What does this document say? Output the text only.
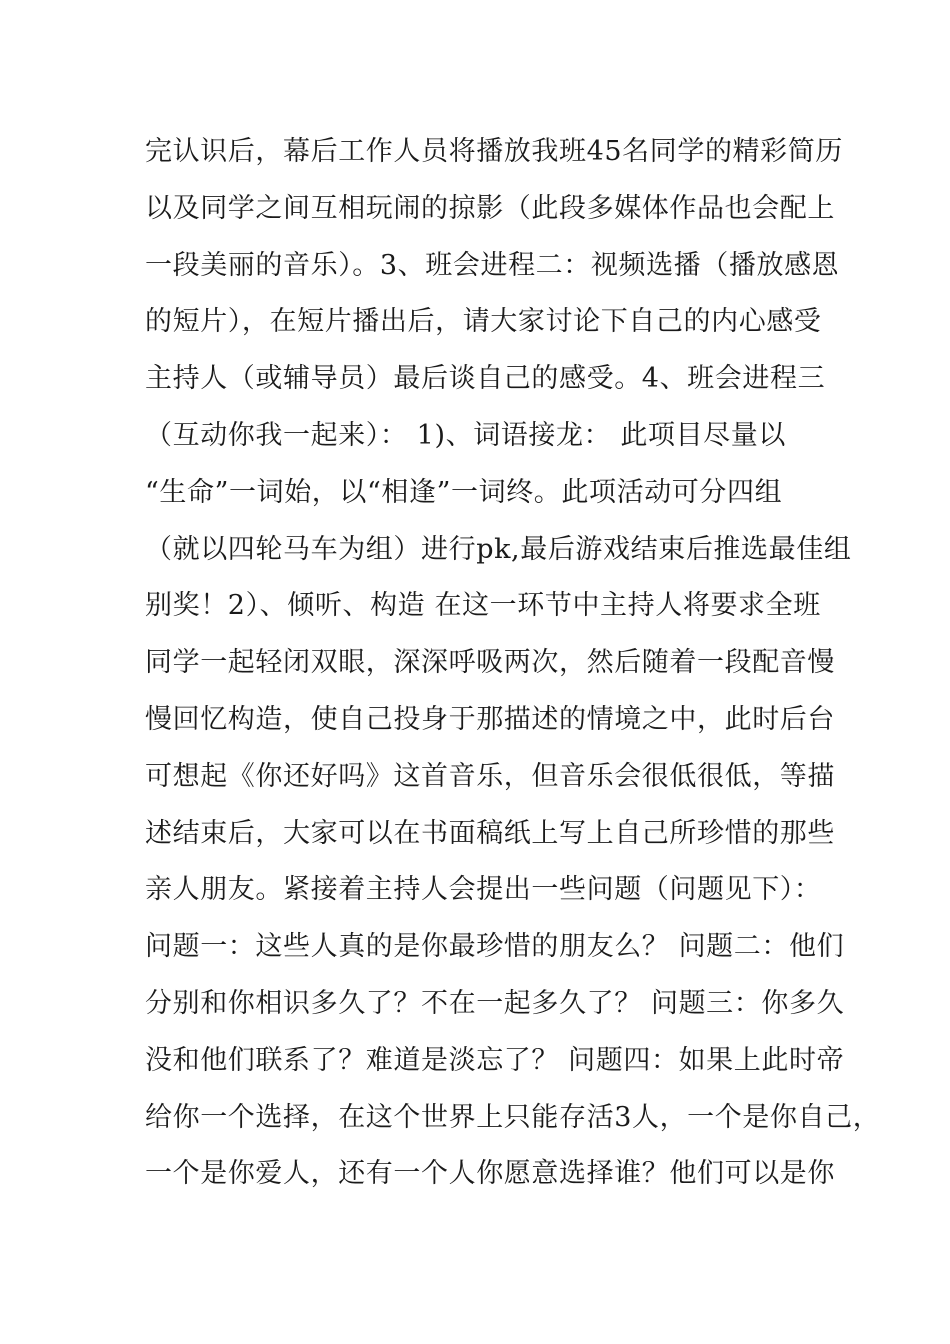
完认识后，幕后工作人员将播放我班45名同学的精彩简历
以及同学之间互相玩闹的掠影（此段多媒体作品也会配上
一段美丽的音乐）。3、班会进程二：视频选播（播放感恩
的短片），在短片播出后，请大家讨论下自己的内心感受
主持人（或辅导员）最后谈自己的感受。4、班会进程三
（互动你我一起来）： 1)、词语接龙： 此项目尽量以
“生命”一词始，以“相逢”一词终。此项活动可分四组
（就以四轮马车为组）进行pk,最后游戏结束后推选最佳组
别奖！2）、倾听、构造 在这一环节中主持人将要求全班
同学一起轻闭双眼，深深呼吸两次，然后随着一段配音慢
慢回忆构造，使自己投身于那描述的情境之中，此时后台
可想起《你还好吗》这首音乐，但音乐会很低很低，等描
述结束后，大家可以在书面稿纸上写上自己所珍惜的那些
亲人朋友。紧接着主持人会提出一些问题（问题见下）：
问题一：这些人真的是你最珍惜的朋友么？ 问题二：他们
分别和你相识多久了？不在一起多久了？ 问题三：你多久
没和他们联系了？难道是淡忘了？ 问题四：如果上此时帝
给你一个选择，在这个世界上只能存活3人，一个是你自己，
一个是你爱人，还有一个人你愿意选择谁？他们可以是你
